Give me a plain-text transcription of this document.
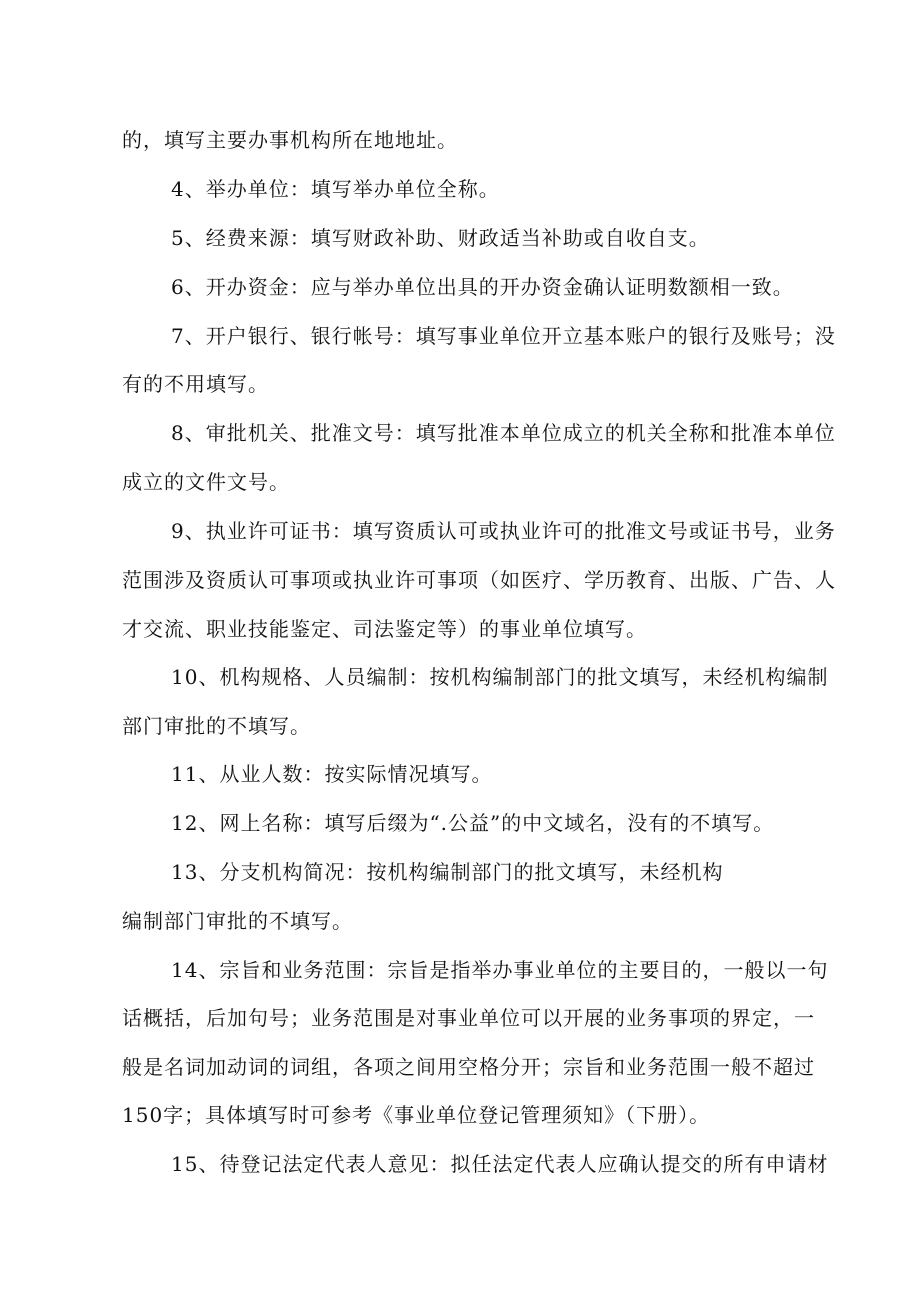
的，填写主要办事机构所在地地址。
4、举办单位：填写举办单位全称。
5、经费来源：填写财政补助、财政适当补助或自收自支。
6、开办资金：应与举办单位出具的开办资金确认证明数额相一致。
7、开户银行、银行帐号：填写事业单位开立基本账户的银行及账号；没
有的不用填写。
8、审批机关、批准文号：填写批准本单位成立的机关全称和批准本单位
成立的文件文号。
9、执业许可证书：填写资质认可或执业许可的批准文号或证书号，业务
范围涉及资质认可事项或执业许可事项（如医疗、学历教育、出版、广告、人
才交流、职业技能鉴定、司法鉴定等）的事业单位填写。
10、机构规格、人员编制：按机构编制部门的批文填写，未经机构编制
部门审批的不填写。
11、从业人数：按实际情况填写。
12、网上名称：填写后缀为“.公益”的中文域名，没有的不填写。
13、分支机构简况：按机构编制部门的批文填写，未经机构
编制部门审批的不填写。
14、宗旨和业务范围：宗旨是指举办事业单位的主要目的，一般以一句
话概括，后加句号；业务范围是对事业单位可以开展的业务事项的界定，一
般是名词加动词的词组，各项之间用空格分开；宗旨和业务范围一般不超过
150字；具体填写时可参考《事业单位登记管理须知》（下册）。
15、待登记法定代表人意见：拟任法定代表人应确认提交的所有申请材
